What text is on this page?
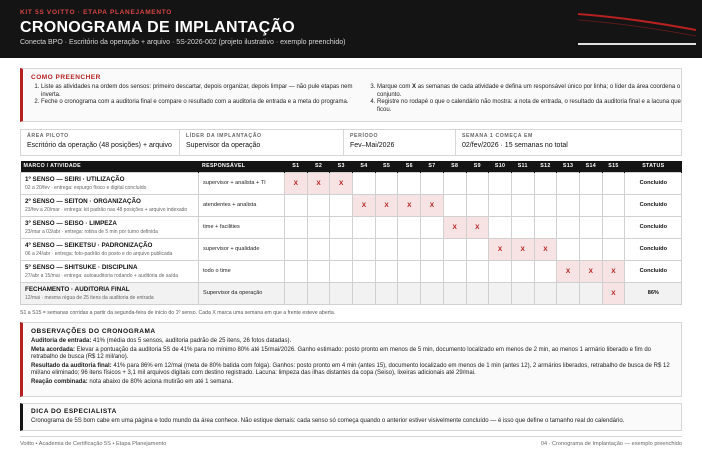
KIT 5S VOITTO · ETAPA PLANEJAMENTO
CRONOGRAMA DE IMPLANTAÇÃO
Conecta BPO · Escritório da operação + arquivo · 5S-2026-002 (projeto ilustrativo · exemplo preenchido)
COMO PREENCHER
1. Liste as atividades na ordem dos sensos: primeiro descartar, depois organizar, depois limpar — não pule etapas nem inverta.
2. Feche o cronograma com a auditoria final e compare o resultado com a auditoria de entrada e a meta do programa.
3. Marque com X as semanas de cada atividade e defina um responsável único por linha; o líder da área coordena o conjunto.
4. Registre no rodapé o que o calendário não mostra: a nota de entrada, o resultado da auditoria final e a lacuna que ficou.
ÁREA PILOTO
Escritório da operação (48 posições) + arquivo
LÍDER DA IMPLANTAÇÃO
Supervisor da operação
PERÍODO
Fev–Mai/2026
SEMANA 1 COMEÇA EM
02/fev/2026 · 15 semanas no total
MARCO / ATIVIDADE	RESPONSÁVEL	S1	S2	S3	S4	S5	S6	S7	S8	S9	S10	S11	S12	S13	S14	S15	STATUS

1º SENSO — SEIRI · UTILIZAÇÃO
02 a 20/fev · entrega: expurgo físico e digital concluído	supervisor + analista + TI	X	X	X													Concluído

2º SENSO — SEITON · ORGANIZAÇÃO
23/fev a 20/mar · entrega: kit padrão nas 48 posições + arquivo indexado	atendentes + analista				X	X	X	X									Concluído

3º SENSO — SEISO · LIMPEZA
23/mar a 03/abr · entrega: rotina de 5 min por turno definida	time + facilities								X	X							Concluído

4º SENSO — SEIKETSU · PADRONIZAÇÃO
06 a 24/abr · entrega: foto-padrão do posto e do arquivo publicada	supervisor + qualidade										X	X	X				Concluído

5º SENSO — SHITSUKE · DISCIPLINA
27/abr a 15/mai · entrega: autoauditoria rodando + auditoria de saída	todo o time													X	X	X	Concluído

FECHAMENTO · AUDITORIA FINAL
12/mai · mesma régua de 25 itens da auditoria de entrada	Supervisor da operação															X	86%
S1 a S15 = semanas corridas a partir da segunda-feira de início do 1º senso. Cada X marca uma semana em que a frente esteve aberta.
OBSERVAÇÕES DO CRONOGRAMA

Auditoria de entrada: 41% (média dos 5 sensos, auditoria padrão de 25 itens, 26 fotos datadas).

Meta acordada: Elevar a pontuação da auditoria 5S de 41% para no mínimo 80% até 15/mai/2026. Ganho estimado: posto pronto em menos de 5 min, documento localizado em menos de 2 min, ao menos 1 armário liberado e fim do retrabalho de busca (R$ 12 mil/ano).

Resultado da auditoria final: 41% para 86% em 12/mai (meta de 80% batida com folga). Ganhos: posto pronto em 4 min (antes 15), documento localizado em menos de 1 min (antes 12), 2 armários liberados, retrabalho de busca de R$ 12 mil/ano eliminado; 96 itens físicos + 3,1 mil arquivos digitais com destino registrado. Lacuna: limpeza das ilhas distantes da copa (Seiso), lixeiras adicionais até 29/mai.

Reação combinada: nota abaixo de 80% aciona mutirão em até 1 semana.

DICA DO ESPECIALISTA

Cronograma de 5S bom cabe em uma página e todo mundo da área conhece. Não estique demais: cada senso só começa quando o anterior estiver visivelmente concluído — é isso que define o tamanho real do calendário.

Voitto • Academia de Certificação 5S • Etapa Planejamento	04 · Cronograma de Implantação — exemplo preenchido
